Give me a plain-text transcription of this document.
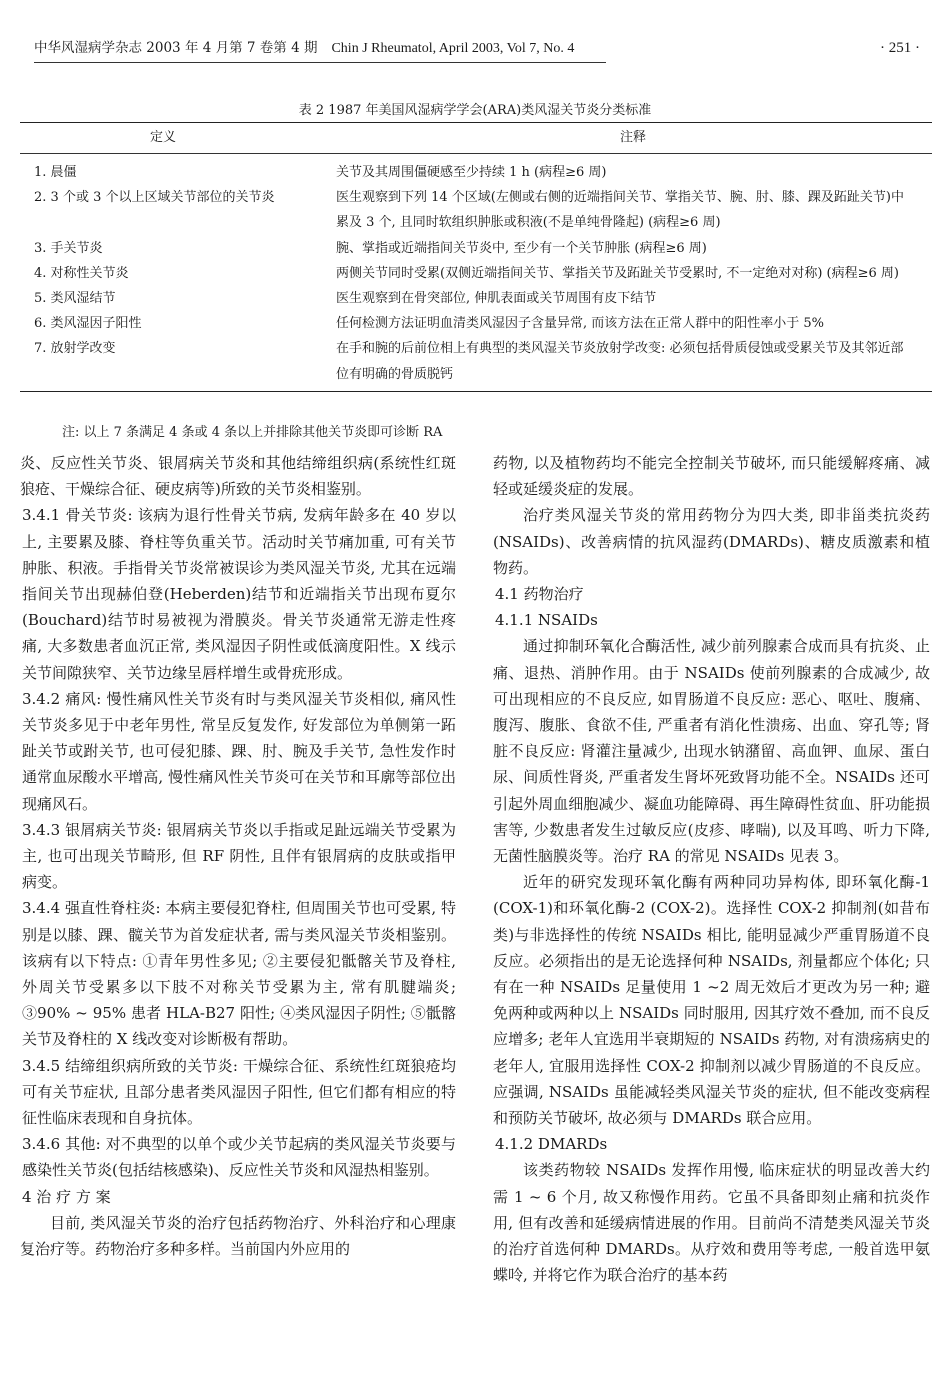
中华风湿病学杂志 2003 年 4 月第 7 卷第 4 期 Chin J Rheumatol, April 2003, Vol 7, No. 4	· 251 ·
表 2 1987 年美国风湿病学学会(ARA)类风湿关节炎分类标准
定义	注释
1. 晨僵	关节及其周围僵硬感至少持续 1 h (病程≥6 周)
2. 3 个或 3 个以上区域关节部位的关节炎	医生观察到下列 14 个区域(左侧或右侧的近端指间关节、掌指关节、腕、肘、膝、踝及跖趾关节)中累及 3 个, 且同时软组织肿胀或积液(不是单纯骨隆起) (病程≥6 周)
3. 手关节炎	腕、掌指或近端指间关节炎中, 至少有一个关节肿胀 (病程≥6 周)
4. 对称性关节炎	两侧关节同时受累(双侧近端指间关节、掌指关节及跖趾关节受累时, 不一定绝对对称) (病程≥6 周)
5. 类风湿结节	医生观察到在骨突部位, 伸肌表面或关节周围有皮下结节
6. 类风湿因子阳性	任何检测方法证明血清类风湿因子含量异常, 而该方法在正常人群中的阳性率小于 5%
7. 放射学改变	在手和腕的后前位相上有典型的类风湿关节炎放射学改变: 必须包括骨质侵蚀或受累关节及其邻近部位有明确的骨质脱钙
注: 以上 7 条满足 4 条或 4 条以上并排除其他关节炎即可诊断 RA

炎、反应性关节炎、银屑病关节炎和其他结缔组织病(系统性红斑狼疮、干燥综合征、硬皮病等)所致的关节炎相鉴别。

3.4.1 骨关节炎: 该病为退行性骨关节病, 发病年龄多在 40 岁以上, 主要累及膝、脊柱等负重关节。活动时关节痛加重, 可有关节肿胀、积液。手指骨关节炎常被误诊为类风湿关节炎, 尤其在远端指间关节出现赫伯登(Heberden)结节和近端指关节出现布夏尔(Bouchard)结节时易被视为滑膜炎。骨关节炎通常无游走性疼痛, 大多数患者血沉正常, 类风湿因子阴性或低滴度阳性。X 线示关节间隙狭窄、关节边缘呈唇样增生或骨疣形成。

3.4.2 痛风: 慢性痛风性关节炎有时与类风湿关节炎相似, 痛风性关节炎多见于中老年男性, 常呈反复发作, 好发部位为单侧第一跖趾关节或跗关节, 也可侵犯膝、踝、肘、腕及手关节, 急性发作时通常血尿酸水平增高, 慢性痛风性关节炎可在关节和耳廓等部位出现痛风石。

3.4.3 银屑病关节炎: 银屑病关节炎以手指或足趾远端关节受累为主, 也可出现关节畸形, 但 RF 阴性, 且伴有银屑病的皮肤或指甲病变。

3.4.4 强直性脊柱炎: 本病主要侵犯脊柱, 但周围关节也可受累, 特别是以膝、踝、髋关节为首发症状者, 需与类风湿关节炎相鉴别。该病有以下特点: ①青年男性多见; ②主要侵犯骶髂关节及脊柱, 外周关节受累多以下肢不对称关节受累为主, 常有肌腱端炎; ③90% ~ 95% 患者 HLA-B27 阳性; ④类风湿因子阴性; ⑤骶髂关节及脊柱的 X 线改变对诊断极有帮助。

3.4.5 结缔组织病所致的关节炎: 干燥综合征、系统性红斑狼疮均可有关节症状, 且部分患者类风湿因子阳性, 但它们都有相应的特征性临床表现和自身抗体。

3.4.6 其他: 对不典型的以单个或少关节起病的类风湿关节炎要与感染性关节炎(包括结核感染)、反应性关节炎和风湿热相鉴别。

4 治 疗 方 案

目前, 类风湿关节炎的治疗包括药物治疗、外科治疗和心理康复治疗等。药物治疗多种多样。当前国内外应用的

药物, 以及植物药均不能完全控制关节破坏, 而只能缓解疼痛、减轻或延缓炎症的发展。

治疗类风湿关节炎的常用药物分为四大类, 即非甾类抗炎药(NSAIDs)、改善病情的抗风湿药(DMARDs)、糖皮质激素和植物药。

4.1 药物治疗

4.1.1 NSAIDs

通过抑制环氧化合酶活性, 减少前列腺素合成而具有抗炎、止痛、退热、消肿作用。由于 NSAIDs 使前列腺素的合成减少, 故可出现相应的不良反应, 如胃肠道不良反应: 恶心、呕吐、腹痛、腹泻、腹胀、食欲不佳, 严重者有消化性溃疡、出血、穿孔等; 肾脏不良反应: 肾灌注量减少, 出现水钠潴留、高血钾、血尿、蛋白尿、间质性肾炎, 严重者发生肾坏死致肾功能不全。NSAIDs 还可引起外周血细胞减少、凝血功能障碍、再生障碍性贫血、肝功能损害等, 少数患者发生过敏反应(皮疹、哮喘), 以及耳鸣、听力下降, 无菌性脑膜炎等。治疗 RA 的常见 NSAIDs 见表 3。

近年的研究发现环氧化酶有两种同功异构体, 即环氧化酶-1 (COX-1)和环氧化酶-2 (COX-2)。选择性 COX-2 抑制剂(如昔布类)与非选择性的传统 NSAIDs 相比, 能明显减少严重胃肠道不良反应。必须指出的是无论选择何种 NSAIDs, 剂量都应个体化; 只有在一种 NSAIDs 足量使用 1 ~2 周无效后才更改为另一种; 避免两种或两种以上 NSAIDs 同时服用, 因其疗效不叠加, 而不良反应增多; 老年人宜选用半衰期短的 NSAIDs 药物, 对有溃疡病史的老年人, 宜服用选择性 COX-2 抑制剂以减少胃肠道的不良反应。应强调, NSAIDs 虽能减轻类风湿关节炎的症状, 但不能改变病程和预防关节破坏, 故必须与 DMARDs 联合应用。

4.1.2 DMARDs

该类药物较 NSAIDs 发挥作用慢, 临床症状的明显改善大约需 1 ~ 6 个月, 故又称慢作用药。它虽不具备即刻止痛和抗炎作用, 但有改善和延缓病情进展的作用。目前尚不清楚类风湿关节炎的治疗首选何种 DMARDs。从疗效和费用等考虑, 一般首选甲氨蝶呤, 并将它作为联合治疗的基本药
